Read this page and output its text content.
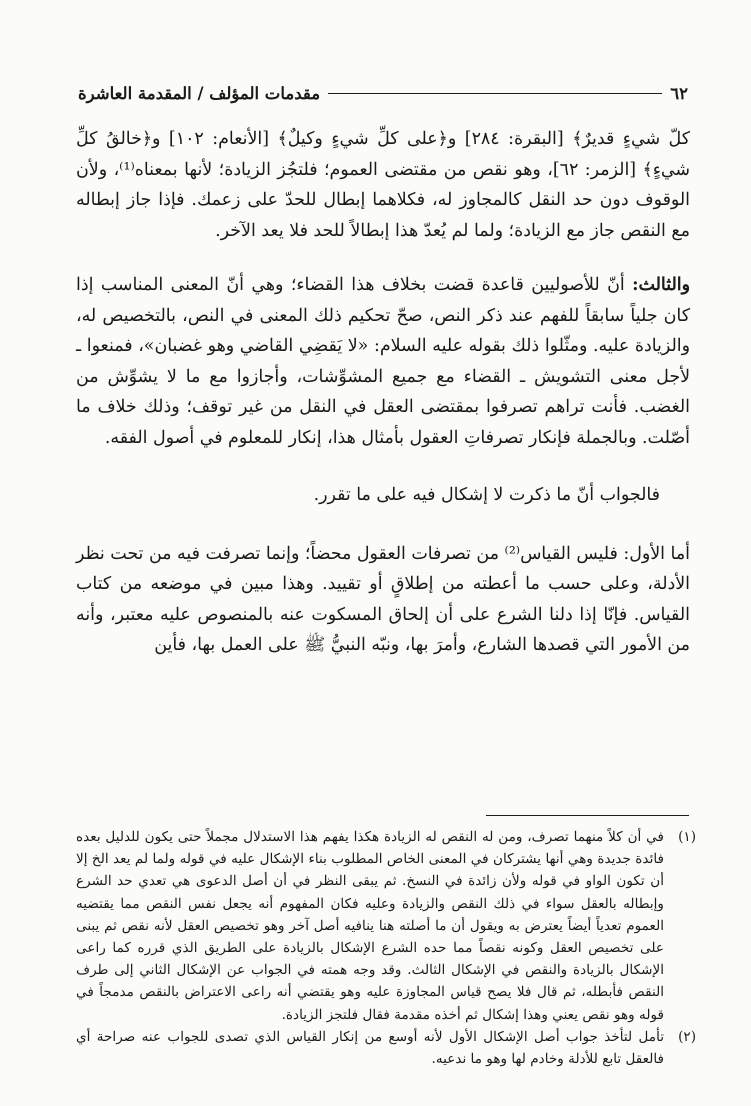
٦٢
مقدمات المؤلف / المقدمة العاشرة

كلّ شيءٍ قديرٌ﴾ [البقرة: ٢٨٤] و﴿على كلِّ شيءٍ وكيلٌ﴾ [الأنعام: ١٠٢] و﴿خالقُ كلِّ شيءٍ﴾ [الزمر: ٦٢]، وهو نقص من مقتضى العموم؛ فلتجُز الزيادة؛ لأنها بمعناه⁽¹⁾، ولأن الوقوف دون حد النقل كالمجاوز له، فكلاهما إبطال للحدّ على زعمك. فإذا جاز إبطاله مع النقص جاز مع الزيادة؛ ولما لم يُعدّ هذا إبطالاً للحد فلا يعد الآخر.

والثالث: أنّ للأصوليين قاعدة قضت بخلاف هذا القضاء؛ وهي أنّ المعنى المناسب إذا كان جلياً سابقاً للفهم عند ذكر النص، صحّ تحكيم ذلك المعنى في النص، بالتخصيص له، والزيادة عليه. ومثّلوا ذلك بقوله عليه السلام: «لا يَقضِي القاضي وهو غضبان»، فمنعوا ـ لأجل معنى التشويش ـ القضاء مع جميع المشوِّشات، وأجازوا مع ما لا يشوِّش من الغضب. فأنت تراهم تصرفوا بمقتضى العقل في النقل من غير توقف؛ وذلك خلاف ما أصّلت. وبالجملة فإنكار تصرفاتِ العقول بأمثال هذا، إنكار للمعلوم في أصول الفقه.

فالجواب أنّ ما ذكرت لا إشكال فيه على ما تقرر.

أما الأول: فليس القياس⁽²⁾ من تصرفات العقول محضاً؛ وإنما تصرفت فيه من تحت نظر الأدلة، وعلى حسب ما أعطته من إطلاقٍ أو تقييد. وهذا مبين في موضعه من كتاب القياس. فإنّا إذا دلنا الشرع على أن إلحاق المسكوت عنه بالمنصوص عليه معتبر، وأنه من الأمور التي قصدها الشارع، وأمرَ بها، ونبّه النبيُّ ﷺ على العمل بها، فأين

(١)
في أن كلاً منهما تصرف، ومن له النقص له الزيادة هكذا يفهم هذا الاستدلال مجملاً حتى يكون للدليل بعده فائدة جديدة وهي أنها يشتركان في المعنى الخاص المطلوب بناء الإشكال عليه في قوله ولما لم يعد الخ إلا أن تكون الواو في قوله ولأن زائدة في النسخ. ثم يبقى النظر في أن أصل الدعوى هي تعدي حد الشرع وإبطاله بالعقل سواء في ذلك النقص والزيادة وعليه فكان المفهوم أنه يجعل نفس النقص مما يقتضيه العموم تعدياً أيضاً يعترض به ويقول أن ما أصلته هنا ينافيه أصل آخر وهو تخصيص العقل لأنه نقص ثم يبنى على تخصيص العقل وكونه نقصاً مما حده الشرع الإشكال بالزيادة على الطريق الذي قرره كما راعى الإشكال بالزيادة والنقص في الإشكال الثالث. وقد وجه همته في الجواب عن الإشكال الثاني إلى طرف النقص فأبطله، ثم قال فلا يصح قياس المجاوزة عليه وهو يقتضي أنه راعى الاعتراض بالنقص مدمجاً في قوله وهو نقص يعني وهذا إشكال ثم أخذه مقدمة فقال فلتجز الزيادة.
(٢)
تأمل لتأخذ جواب أصل الإشكال الأول لأنه أوسع من إنكار القياس الذي تصدى للجواب عنه صراحة أي فالعقل تابع للأدلة وخادم لها وهو ما ندعيه.
